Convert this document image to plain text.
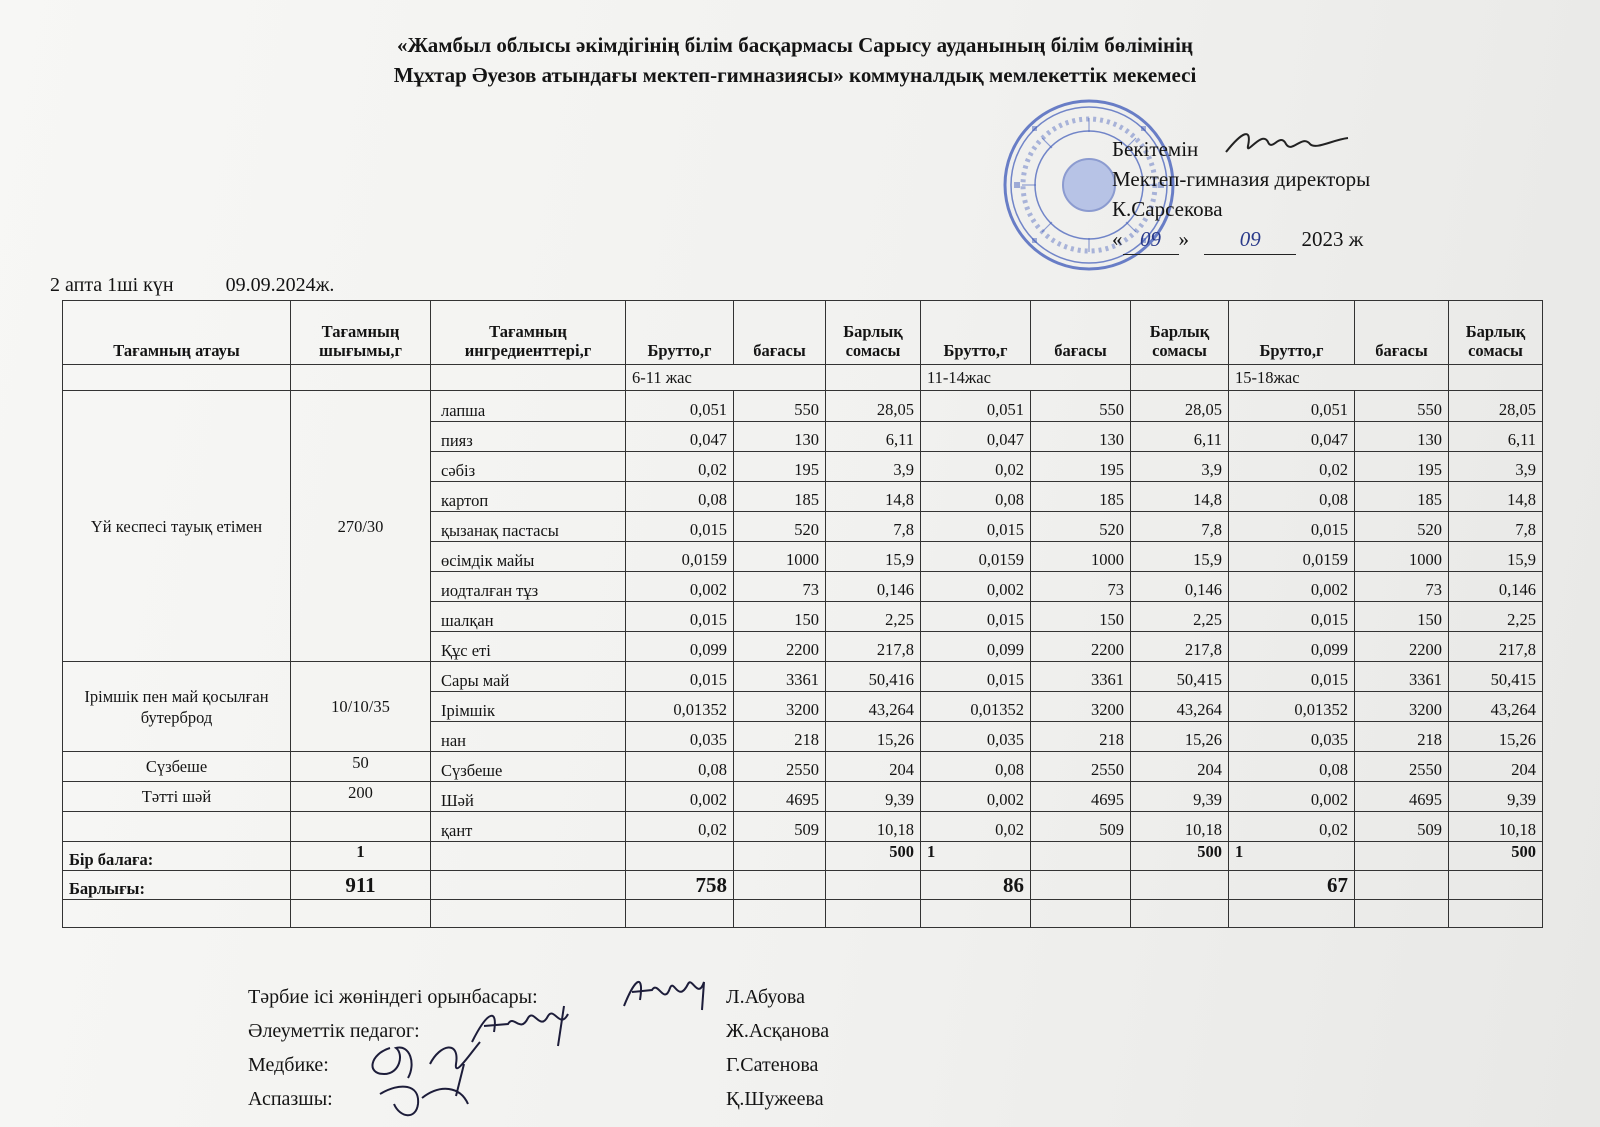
«Жамбыл облысы әкімдігінің білім басқармасы Сарысу ауданының білім бөлімінің
Мұхтар Әуезов атындағы мектеп-гимназиясы» коммуналдық мемлекеттік мекемесі
Бекітемін
Мектеп-гимназия директоры
К.Сарсекова
« 09 » 09 2023 ж
2 апта 1ші күн	09.09.2024ж.
Тағамның атауы	Тағамның шығымы,г	Тағамның ингредиенттері,г	Брутто,г	бағасы	Барлық сомасы	Брутто,г	бағасы	Барлық сомасы	Брутто,г	бағасы	Барлық сомасы
			6-11 жас			11-14жас			15-18жас		
Үй кеспесі тауық етімен	270/30	лапша	0,051	550	28,05	0,051	550	28,05	0,051	550	28,05
		пияз	0,047	130	6,11	0,047	130	6,11	0,047	130	6,11
		сәбіз	0,02	195	3,9	0,02	195	3,9	0,02	195	3,9
		картоп	0,08	185	14,8	0,08	185	14,8	0,08	185	14,8
		қызанақ пастасы	0,015	520	7,8	0,015	520	7,8	0,015	520	7,8
		өсімдік майы	0,0159	1000	15,9	0,0159	1000	15,9	0,0159	1000	15,9
		иодталған тұз	0,002	73	0,146	0,002	73	0,146	0,002	73	0,146
		шалқан	0,015	150	2,25	0,015	150	2,25	0,015	150	2,25
		Құс еті	0,099	2200	217,8	0,099	2200	217,8	0,099	2200	217,8
Ірімшік пен май қосылған бутерброд	10/10/35	Сары май	0,015	3361	50,416	0,015	3361	50,415	0,015	3361	50,415
		Ірімшік	0,01352	3200	43,264	0,01352	3200	43,264	0,01352	3200	43,264
		нан	0,035	218	15,26	0,035	218	15,26	0,035	218	15,26
Сүзбеше	50	Сүзбеше	0,08	2550	204	0,08	2550	204	0,08	2550	204
Тәтті шәй	200	Шәй	0,002	4695	9,39	0,002	4695	9,39	0,002	4695	9,39
		қант	0,02	509	10,18	0,02	509	10,18	0,02	509	10,18
Бір балаға:	1				500	1		500	1		500
Барлығы:	911		758			86			67		

Тәрбие ісі жөніндегі орынбасары:	Л.Абуова
Әлеуметтік педагог:	Ж.Асқанова
Медбике:	Г.Сатенова
Аспазшы:	Қ.Шужеева
